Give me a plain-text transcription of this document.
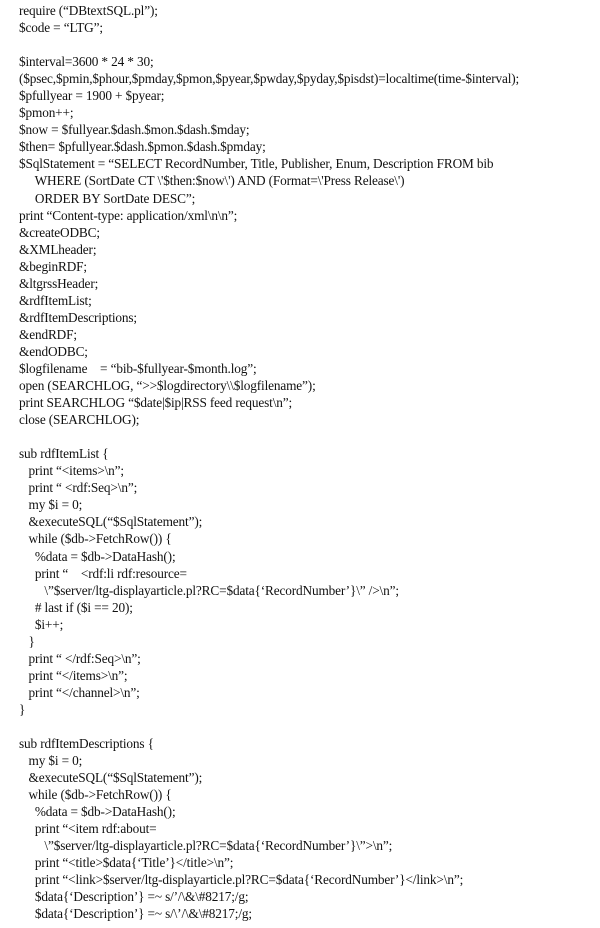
require (“DBtextSQL.pl”);
$code = “LTG”;
$interval=3600 * 24 * 30;
($psec,$pmin,$phour,$pmday,$pmon,$pyear,$pwday,$pyday,$pisdst)=localtime(time-$interval);
$pfullyear = 1900 + $pyear;
$pmon++;
$now = $fullyear.$dash.$mon.$dash.$mday;
$then= $pfullyear.$dash.$pmon.$dash.$pmday;
$SqlStatement = “SELECT RecordNumber, Title, Publisher, Enum, Description FROM bib
WHERE (SortDate CT \'$then:$now\') AND (Format=\'Press Release\')
ORDER BY SortDate DESC”;
print “Content-type: application/xml\n\n”;
&createODBC;
&XMLheader;
&beginRDF;
&ltgrssHeader;
&rdfItemList;
&rdfItemDescriptions;
&endRDF;
&endODBC;
$logfilename    = “bib-$fullyear-$month.log”;
open (SEARCHLOG, “>>$logdirectory\\$logfilename”);
print SEARCHLOG “$date|$ip|RSS feed request\n”;
close (SEARCHLOG);
sub rdfItemList {
print “<items>\n”;
print “ <rdf:Seq>\n”;
my $i = 0;
&executeSQL(“$SqlStatement”);
while ($db->FetchRow()) {
%data = $db->DataHash();
print “    <rdf:li rdf:resource=
\”$server/ltg-displayarticle.pl?RC=$data{‘RecordNumber’}\” />\n”;
# last if ($i == 20);
$i++;
}
print “ </rdf:Seq>\n”;
print “</items>\n”;
print “</channel>\n”;
}
sub rdfItemDescriptions {
my $i = 0;
&executeSQL(“$SqlStatement”);
while ($db->FetchRow()) {
%data = $db->DataHash();
print “<item rdf:about=
\”$server/ltg-displayarticle.pl?RC=$data{‘RecordNumber’}\”>\n”;
print “<title>$data{‘Title’}</title>\n”;
print “<link>$server/ltg-displayarticle.pl?RC=$data{‘RecordNumber’}</link>\n”;
$data{‘Description’} =~ s/’/\&\#8217;/g;
$data{‘Description’} =~ s/\’/\&\#8217;/g;
